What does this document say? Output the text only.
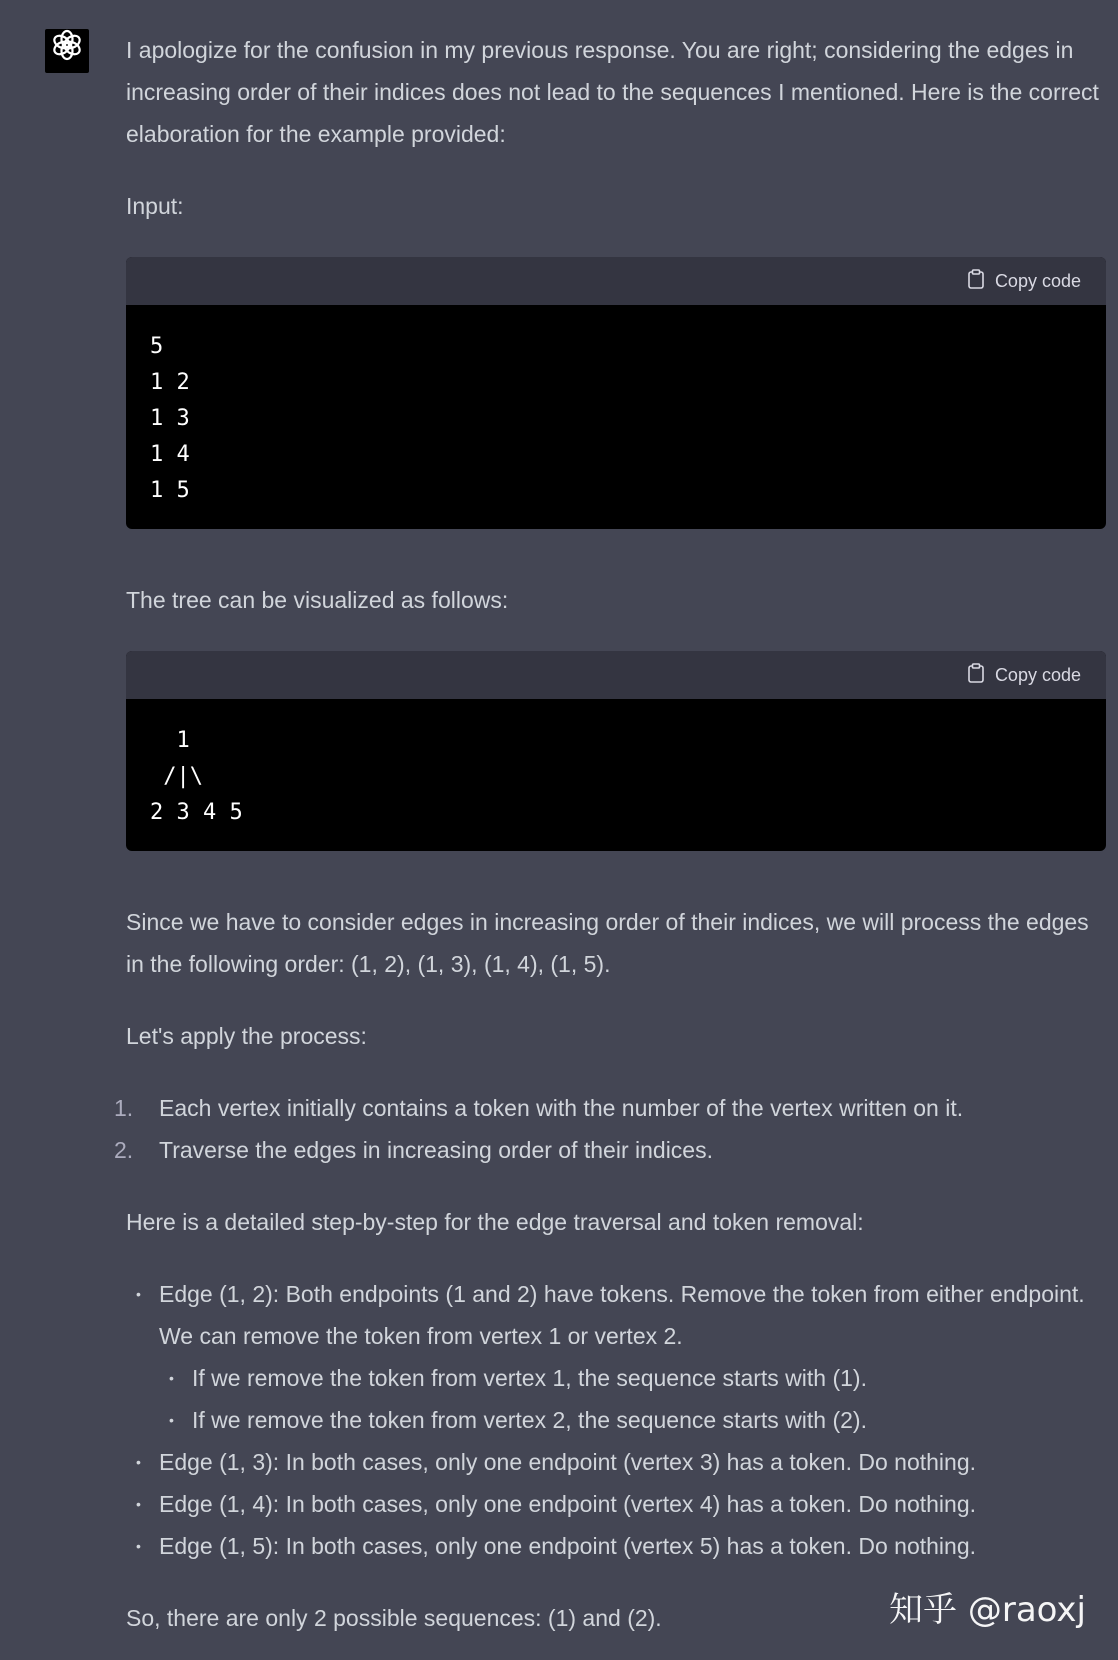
I apologize for the confusion in my previous response. You are right; considering the edges in increasing order of their indices does not lead to the sequences I mentioned. Here is the correct elaboration for the example provided:

Input:

Copy code
5
1 2
1 3
1 4
1 5

The tree can be visualized as follows:

Copy code
1
/|\
2 3 4 5

Since we have to consider edges in increasing order of their indices, we will process the edges in the following order: (1, 2), (1, 3), (1, 4), (1, 5).

Let's apply the process:

1.	Each vertex initially contains a token with the number of the vertex written on it.
2.	Traverse the edges in increasing order of their indices.

Here is a detailed step-by-step for the edge traversal and token removal:

• Edge (1, 2): Both endpoints (1 and 2) have tokens. Remove the token from either endpoint. We can remove the token from vertex 1 or vertex 2.
• If we remove the token from vertex 1, the sequence starts with (1).
• If we remove the token from vertex 2, the sequence starts with (2).
• Edge (1, 3): In both cases, only one endpoint (vertex 3) has a token. Do nothing.
• Edge (1, 4): In both cases, only one endpoint (vertex 4) has a token. Do nothing.
• Edge (1, 5): In both cases, only one endpoint (vertex 5) has a token. Do nothing.

So, there are only 2 possible sequences: (1) and (2).	知乎 @raoxj
